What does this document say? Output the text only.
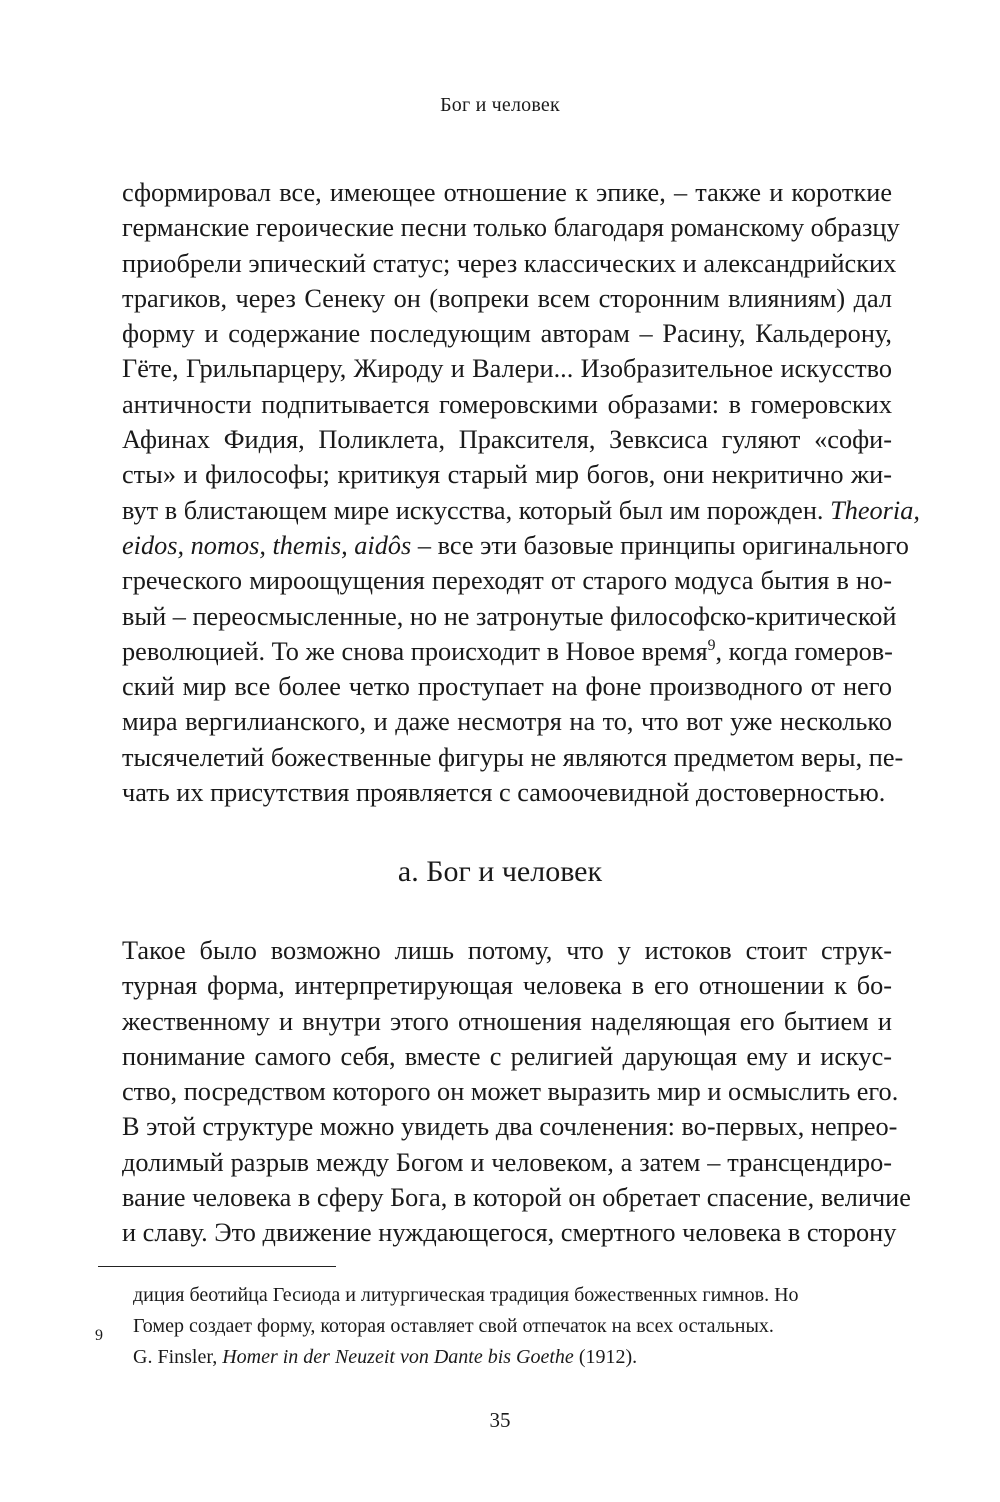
Бог и человек
сформировал все, имеющее отношение к эпике, – также и короткие
германские героические песни только благодаря романскому образцу
приобрели эпический статус; через классических и александрийских
трагиков, через Сенеку он (вопреки всем сторонним влияниям) дал
форму и содержание последующим авторам – Расину, Кальдерону,
Гёте, Грильпарцеру, Жироду и Валери... Изобразительное искусство
античности подпитывается гомеровскими образами: в гомеровских
Афинах Фидия, Поликлета, Праксителя, Зевксиса гуляют «софи-
сты» и философы; критикуя старый мир богов, они некритично жи-
вут в блистающем мире искусства, который был им порожден. Theoria,
eidos, nomos, themis, aidôs – все эти базовые принципы оригинального
греческого мироощущения переходят от старого модуса бытия в но-
вый – переосмысленные, но не затронутые философско-критической
революцией. То же снова происходит в Новое время$^9$, когда гомеров-
ский мир все более четко проступает на фоне производного от него
мира вергилианского, и даже несмотря на то, что вот уже несколько
тысячелетий божественные фигуры не являются предметом веры, пе-
чать их присутствия проявляется с самоочевидной достоверностью.
а. Бог и человек
Такое было возможно лишь потому, что у истоков стоит струк-
турная форма, интерпретирующая человека в его отношении к бо-
жественному и внутри этого отношения наделяющая его бытием и
понимание самого себя, вместе с религией дарующая ему и искус-
ство, посредством которого он может выразить мир и осмыслить его.
В этой структуре можно увидеть два сочленения: во-первых, непрео-
долимый разрыв между Богом и человеком, а затем – трансцендиро-
вание человека в сферу Бога, в которой он обретает спасение, величие
и славу. Это движение нуждающегося, смертного человека в сторону
диция беотийца Гесиода и литургическая традиция божественных гимнов. Но
Гомер создает форму, которая оставляет свой отпечаток на всех остальных.
G. Finsler, Homer in der Neuzeit von Dante bis Goethe (1912).
9
35
